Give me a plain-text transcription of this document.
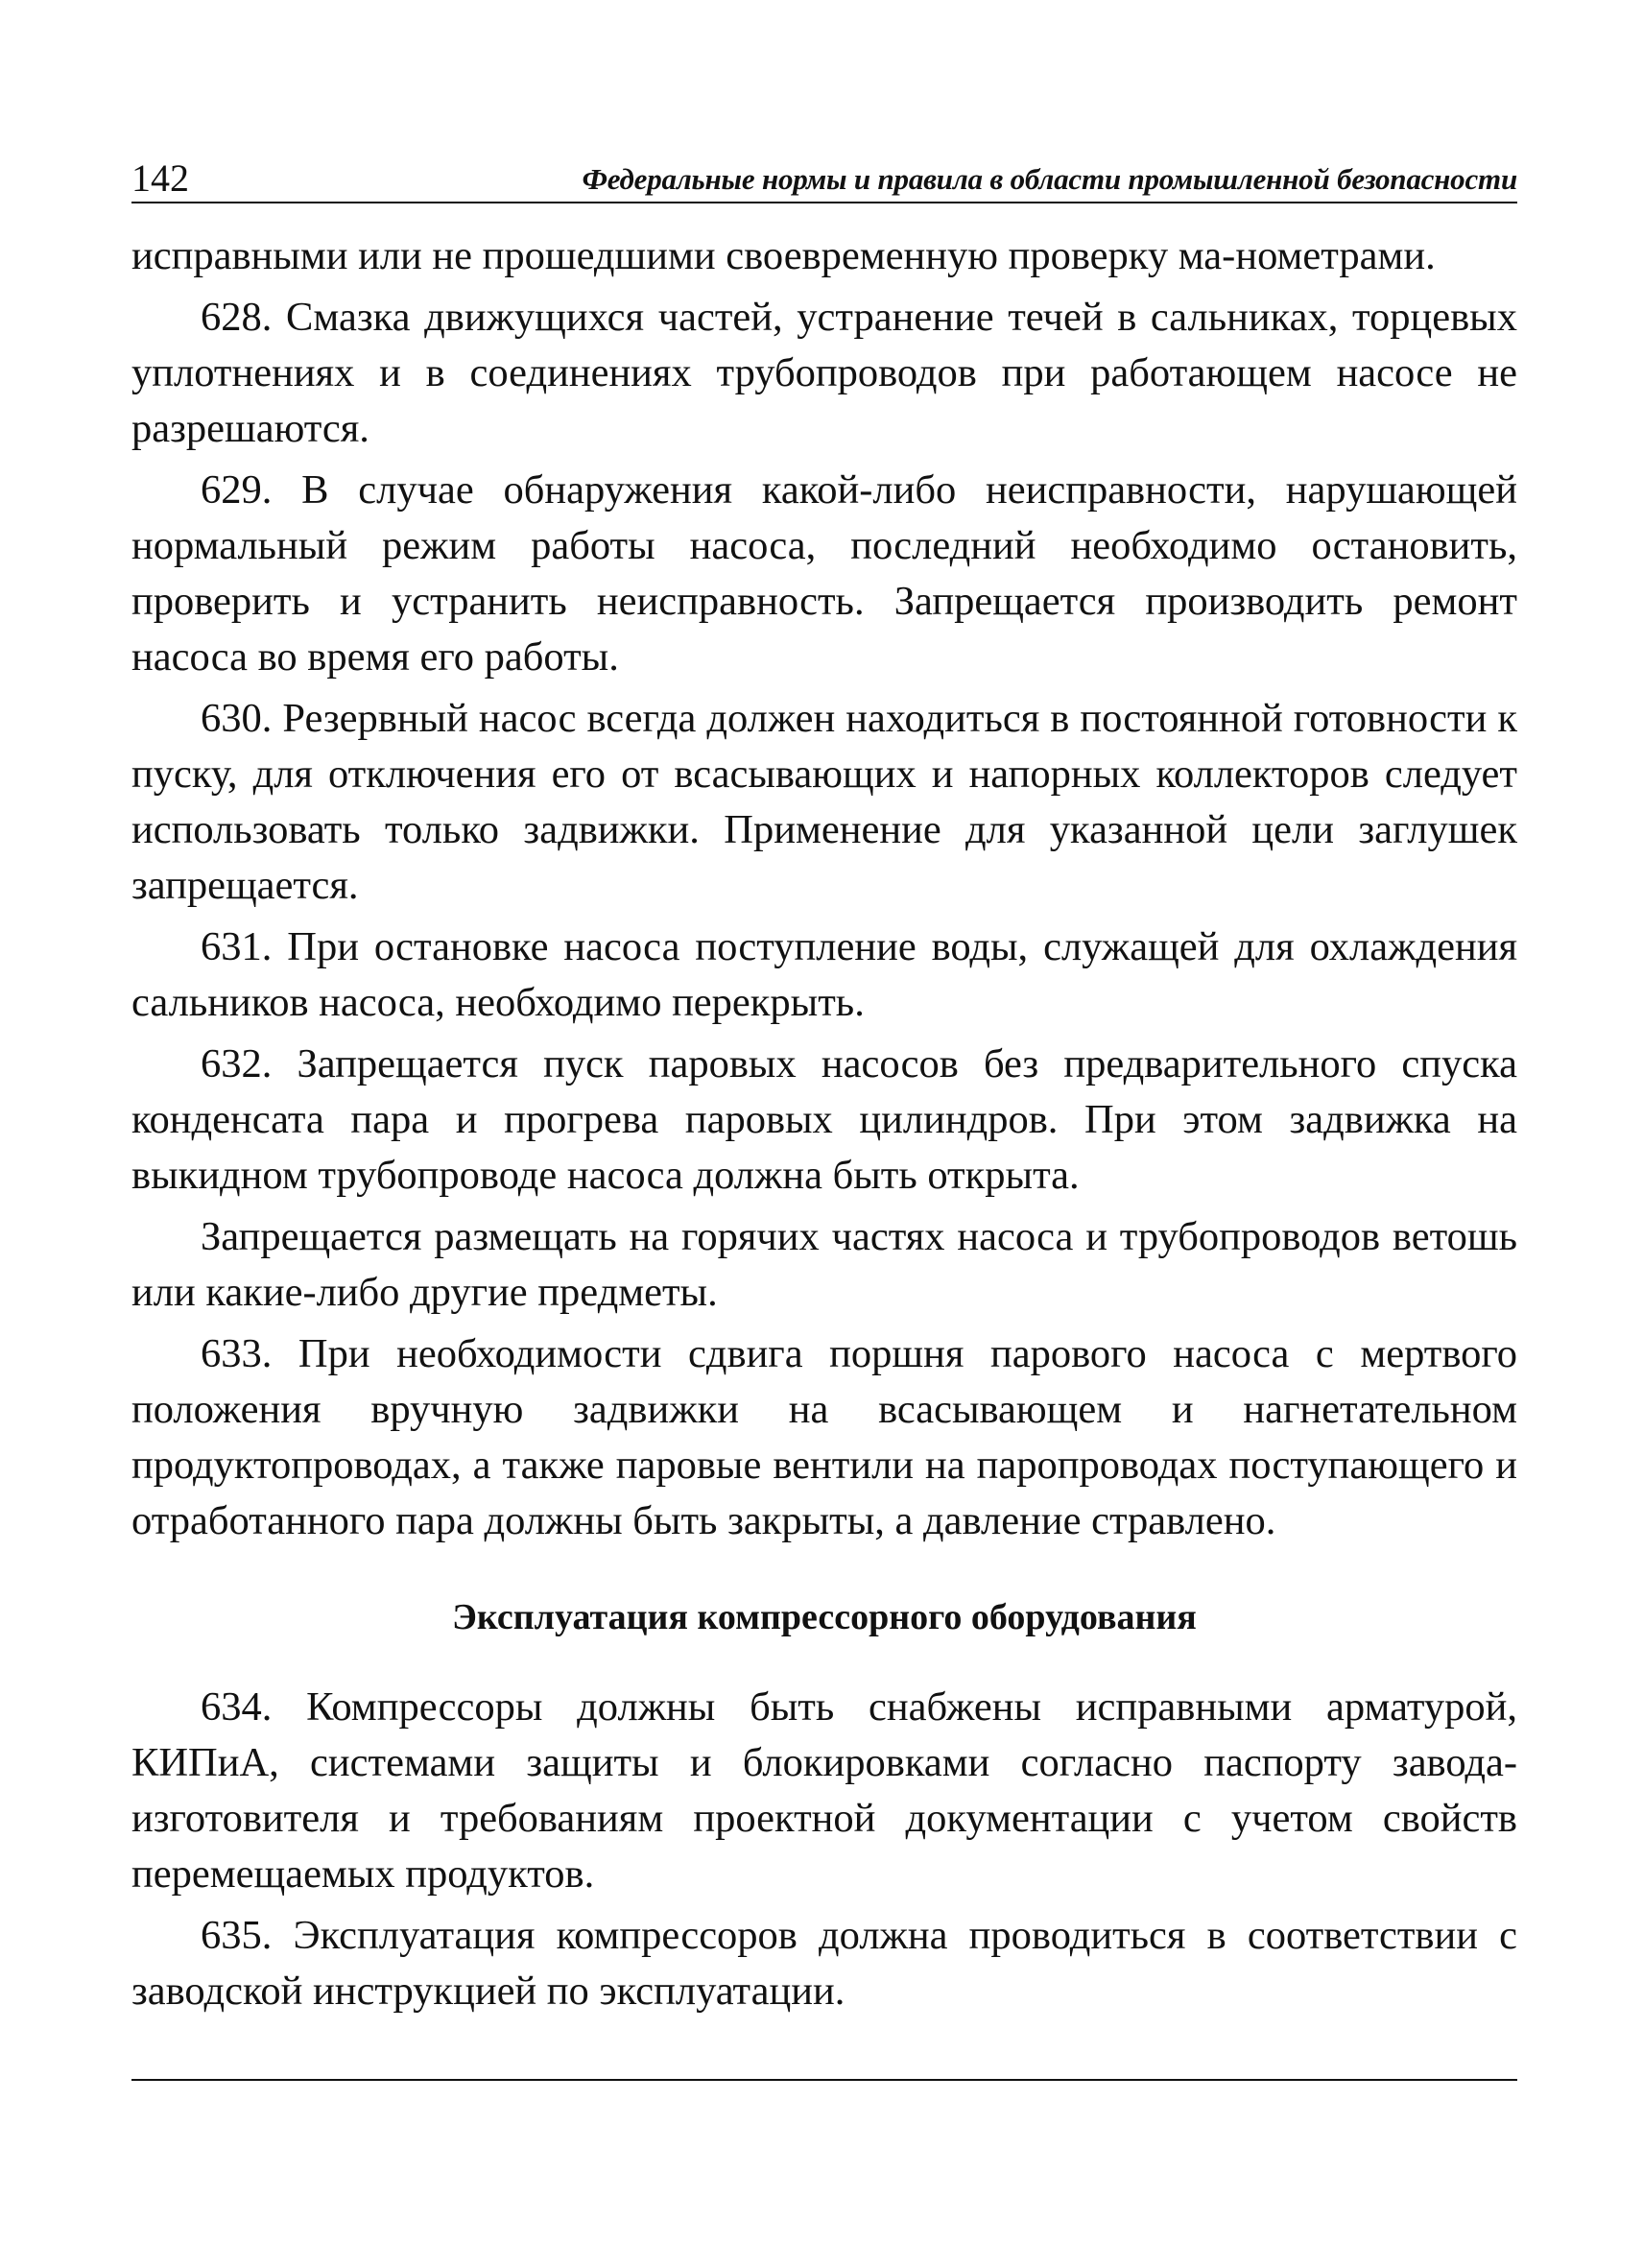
142	Федеральные нормы и правила в области промышленной безопасности

исправными или не прошедшими своевременную проверку ма-нометрами.

628. Смазка движущихся частей, устранение течей в сальниках, торцевых уплотнениях и в соединениях трубопроводов при работающем насосе не разрешаются.

629. В случае обнаружения какой-либо неисправности, нарушающей нормальный режим работы насоса, последний необходимо остановить, проверить и устранить неисправность. Запрещается производить ремонт насоса во время его работы.

630. Резервный насос всегда должен находиться в постоянной готовности к пуску, для отключения его от всасывающих и напорных коллекторов следует использовать только задвижки. Применение для указанной цели заглушек запрещается.

631. При остановке насоса поступление воды, служащей для охлаждения сальников насоса, необходимо перекрыть.

632. Запрещается пуск паровых насосов без предварительного спуска конденсата пара и прогрева паровых цилиндров. При этом задвижка на выкидном трубопроводе насоса должна быть открыта.

Запрещается размещать на горячих частях насоса и трубопроводов ветошь или какие-либо другие предметы.

633. При необходимости сдвига поршня парового насоса с мертвого положения вручную задвижки на всасывающем и нагнетательном продуктопроводах, а также паровые вентили на паропроводах поступающего и отработанного пара должны быть закрыты, а давление стравлено.

Эксплуатация компрессорного оборудования

634. Компрессоры должны быть снабжены исправными арматурой, КИПиА, системами защиты и блокировками согласно паспорту завода-изготовителя и требованиям проектной документации с учетом свойств перемещаемых продуктов.

635. Эксплуатация компрессоров должна проводиться в соответствии с заводской инструкцией по эксплуатации.
